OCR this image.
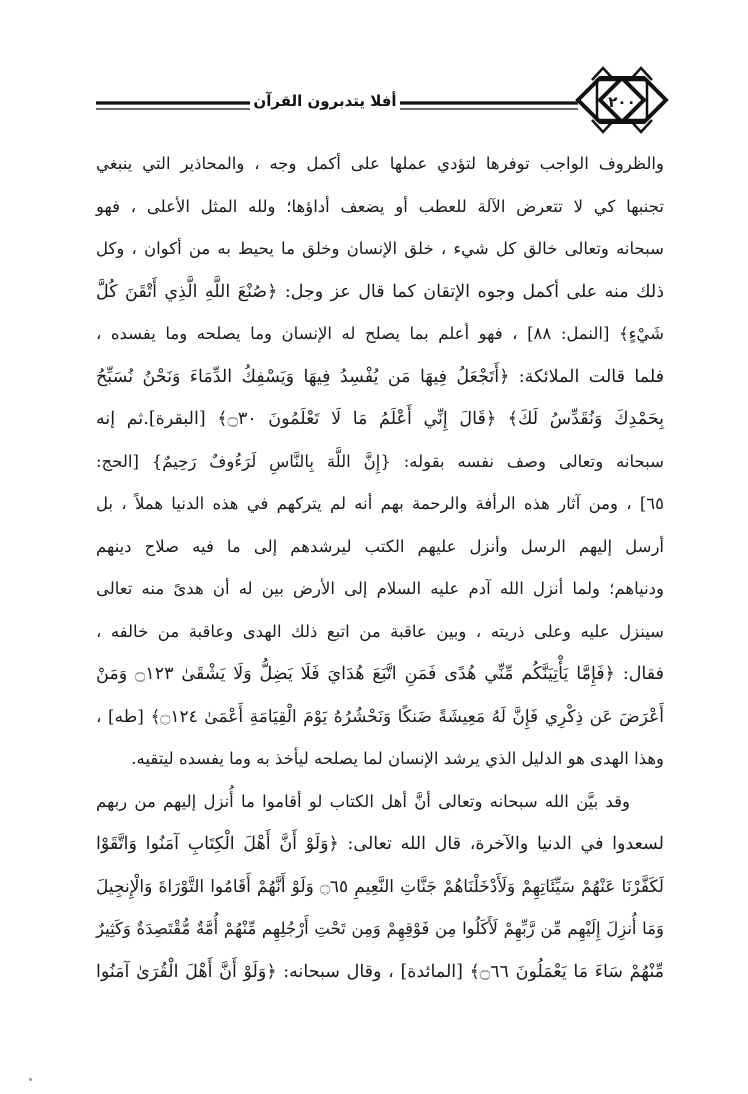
أفلا يتدبرون القرآن	٢٠٠
والظروف الواجب توفرها لتؤدي عملها على أكمل وجه ، والمحاذير التي ينبغي
تجنبها كي لا تتعرض الآلة للعطب أو يضعف أداؤها؛ ولله المثل الأعلى ، فهو
سبحانه وتعالى خالق كل شيء ، خلق الإنسان وخلق ما يحيط به من أكوان ، وكل
ذلك منه على أكمل وجوه الإتقان كما قال عز وجل: ﴿صُنْعَ اللَّهِ الَّذِي أَتْقَنَ كُلَّ
شَيْءٍ﴾ [النمل: ٨٨] ، فهو أعلم بما يصلح له الإنسان وما يصلحه وما يفسده ،
فلما قالت الملائكة: ﴿أَتَجْعَلُ فِيهَا مَن يُفْسِدُ فِيهَا وَيَسْفِكُ الدِّمَاءَ وَنَحْنُ نُسَبِّحُ
بِحَمْدِكَ وَنُقَدِّسُ لَكَ﴾ ﴿قَالَ إِنِّي أَعْلَمُ مَا لَا تَعْلَمُونَ ۝٣٠﴾ [البقرة].ثم إنه
سبحانه وتعالى وصف نفسه بقوله: {إِنَّ اللَّهَ بِالنَّاسِ لَرَءُوفٌ رَحِيمٌ} [الحج:
٦٥] ، ومن آثار هذه الرأفة والرحمة بهم أنه لم يتركهم في هذه الدنيا هملاً ، بل
أرسل إليهم الرسل وأنزل عليهم الكتب ليرشدهم إلى ما فيه صلاح دينهم
ودنياهم؛ ولما أنزل الله آدم عليه السلام إلى الأرض بين له أن هدىً منه تعالى
سينزل عليه وعلى ذريته ، وبين عاقبة من اتبع ذلك الهدى وعاقبة من خالفه ،
فقال: ﴿فَإِمَّا يَأْتِيَنَّكُم مِّنِّي هُدًى فَمَنِ اتَّبَعَ هُدَايَ فَلَا يَضِلُّ وَلَا يَشْقَىٰ ۝١٢٣ وَمَنْ
أَعْرَضَ عَن ذِكْرِي فَإِنَّ لَهُ مَعِيشَةً ضَنكًا وَنَحْشُرُهُ يَوْمَ الْقِيَامَةِ أَعْمَىٰ ۝١٢٤﴾ [طه] ،
وهذا الهدى هو الدليل الذي يرشد الإنسان لما يصلحه ليأخذ به وما يفسده ليتقيه.
وقد بيَّن الله سبحانه وتعالى أنَّ أهل الكتاب لو أقاموا ما أُنزل إليهم من ربهم
لسعدوا في الدنيا والآخرة، قال الله تعالى: ﴿وَلَوْ أَنَّ أَهْلَ الْكِتَابِ آمَنُوا وَاتَّقَوْا
لَكَفَّرْنَا عَنْهُمْ سَيِّئَاتِهِمْ وَلَأَدْخَلْنَاهُمْ جَنَّاتِ النَّعِيمِ ۝٦٥ وَلَوْ أَنَّهُمْ أَقَامُوا التَّوْرَاةَ وَالْإِنجِيلَ
وَمَا أُنزِلَ إِلَيْهِم مِّن رَّبِّهِمْ لَأَكَلُوا مِن فَوْقِهِمْ وَمِن تَحْتِ أَرْجُلِهِم مِّنْهُمْ أُمَّةٌ مُّقْتَصِدَةٌ وَكَثِيرٌ
مِّنْهُمْ سَاءَ مَا يَعْمَلُونَ ۝٦٦﴾ [المائدة] ، وقال سبحانه: ﴿وَلَوْ أَنَّ أَهْلَ الْقُرَىٰ آمَنُوا
